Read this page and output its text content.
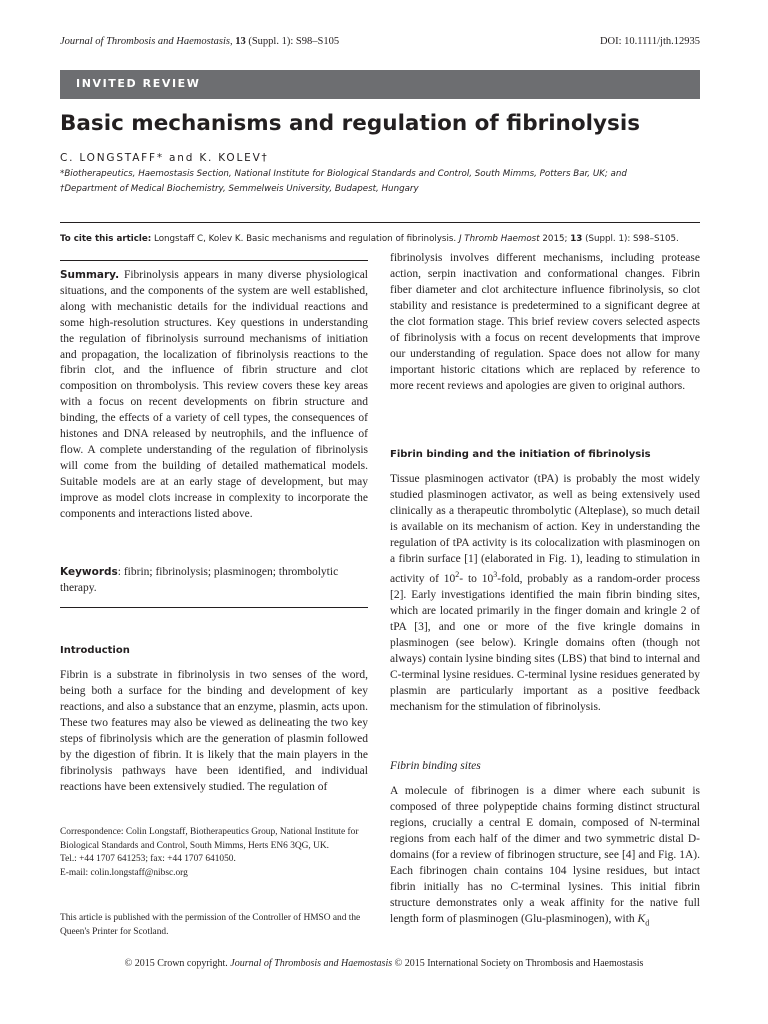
Journal of Thrombosis and Haemostasis, 13 (Suppl. 1): S98–S105	DOI: 10.1111/jth.12935
INVITED REVIEW
Basic mechanisms and regulation of fibrinolysis
C. LONGSTAFF* and K. KOLEV†
*Biotherapeutics, Haemostasis Section, National Institute for Biological Standards and Control, South Mimms, Potters Bar, UK; and
†Department of Medical Biochemistry, Semmelweis University, Budapest, Hungary
To cite this article: Longstaff C, Kolev K. Basic mechanisms and regulation of fibrinolysis. J Thromb Haemost 2015; 13 (Suppl. 1): S98–S105.
Summary. Fibrinolysis appears in many diverse physiological situations, and the components of the system are well established, along with mechanistic details for the individual reactions and some high-resolution structures. Key questions in understanding the regulation of fibrinolysis surround mechanisms of initiation and propagation, the localization of fibrinolysis reactions to the fibrin clot, and the influence of fibrin structure and clot composition on thrombolysis. This review covers these key areas with a focus on recent developments on fibrin structure and binding, the effects of a variety of cell types, the consequences of histones and DNA released by neutrophils, and the influence of flow. A complete understanding of the regulation of fibrinolysis will come from the building of detailed mathematical models. Suitable models are at an early stage of development, but may improve as model clots increase in complexity to incorporate the components and interactions listed above.
Keywords: fibrin; fibrinolysis; plasminogen; thrombolytic therapy.
Introduction

Fibrin is a substrate in fibrinolysis in two senses of the word, being both a surface for the binding and development of key reactions, and also a substance that an enzyme, plasmin, acts upon. These two features may also be viewed as delineating the two key steps of fibrinolysis which are the generation of plasmin followed by the digestion of fibrin. It is likely that the main players in the fibrinolysis pathways have been identified, and individual reactions have been extensively studied. The regulation of

Correspondence: Colin Longstaff, Biotherapeutics Group, National Institute for Biological Standards and Control, South Mimms, Herts EN6 3QG, UK.
Tel.: +44 1707 641253; fax: +44 1707 641050.
E-mail: colin.longstaff@nibsc.org
This article is published with the permission of the Controller of HMSO and the Queen's Printer for Scotland.

fibrinolysis involves different mechanisms, including protease action, serpin inactivation and conformational changes. Fibrin fiber diameter and clot architecture influence fibrinolysis, so clot stability and resistance is predetermined to a significant degree at the clot formation stage. This brief review covers selected aspects of fibrinolysis with a focus on recent developments that improve our understanding of regulation. Space does not allow for many important historic citations which are replaced by reference to more recent reviews and apologies are given to original authors.

Fibrin binding and the initiation of fibrinolysis

Tissue plasminogen activator (tPA) is probably the most widely studied plasminogen activator, as well as being extensively used clinically as a therapeutic thrombolytic (Alteplase), so much detail is available on its mechanism of action. Key in understanding the regulation of tPA activity is its colocalization with plasminogen on a fibrin surface [1] (elaborated in Fig. 1), leading to stimulation in activity of $10^2-$ to $10^3$-fold, probably as a random-order process [2]. Early investigations identified the main fibrin binding sites, which are located primarily in the finger domain and kringle 2 of tPA [3], and one or more of the five kringle domains in plasminogen (see below). Kringle domains often (though not always) contain lysine binding sites (LBS) that bind to internal and C-terminal lysine residues. C-terminal lysine residues generated by plasmin are particularly important as a positive feedback mechanism for the stimulation of fibrinolysis.

Fibrin binding sites

A molecule of fibrinogen is a dimer where each subunit is composed of three polypeptide chains forming distinct structural regions, crucially a central E domain, composed of N-terminal regions from each half of the dimer and two symmetric distal D-domains (for a review of fibrinogen structure, see [4] and Fig. 1A). Each fibrinogen chain contains 104 lysine residues, but intact fibrin initially has no C-terminal lysines. This initial fibrin structure demonstrates only a weak affinity for the native full length form of plasminogen (Glu-plasminogen), with $K_d$

© 2015 Crown copyright. Journal of Thrombosis and Haemostasis © 2015 International Society on Thrombosis and Haemostasis
